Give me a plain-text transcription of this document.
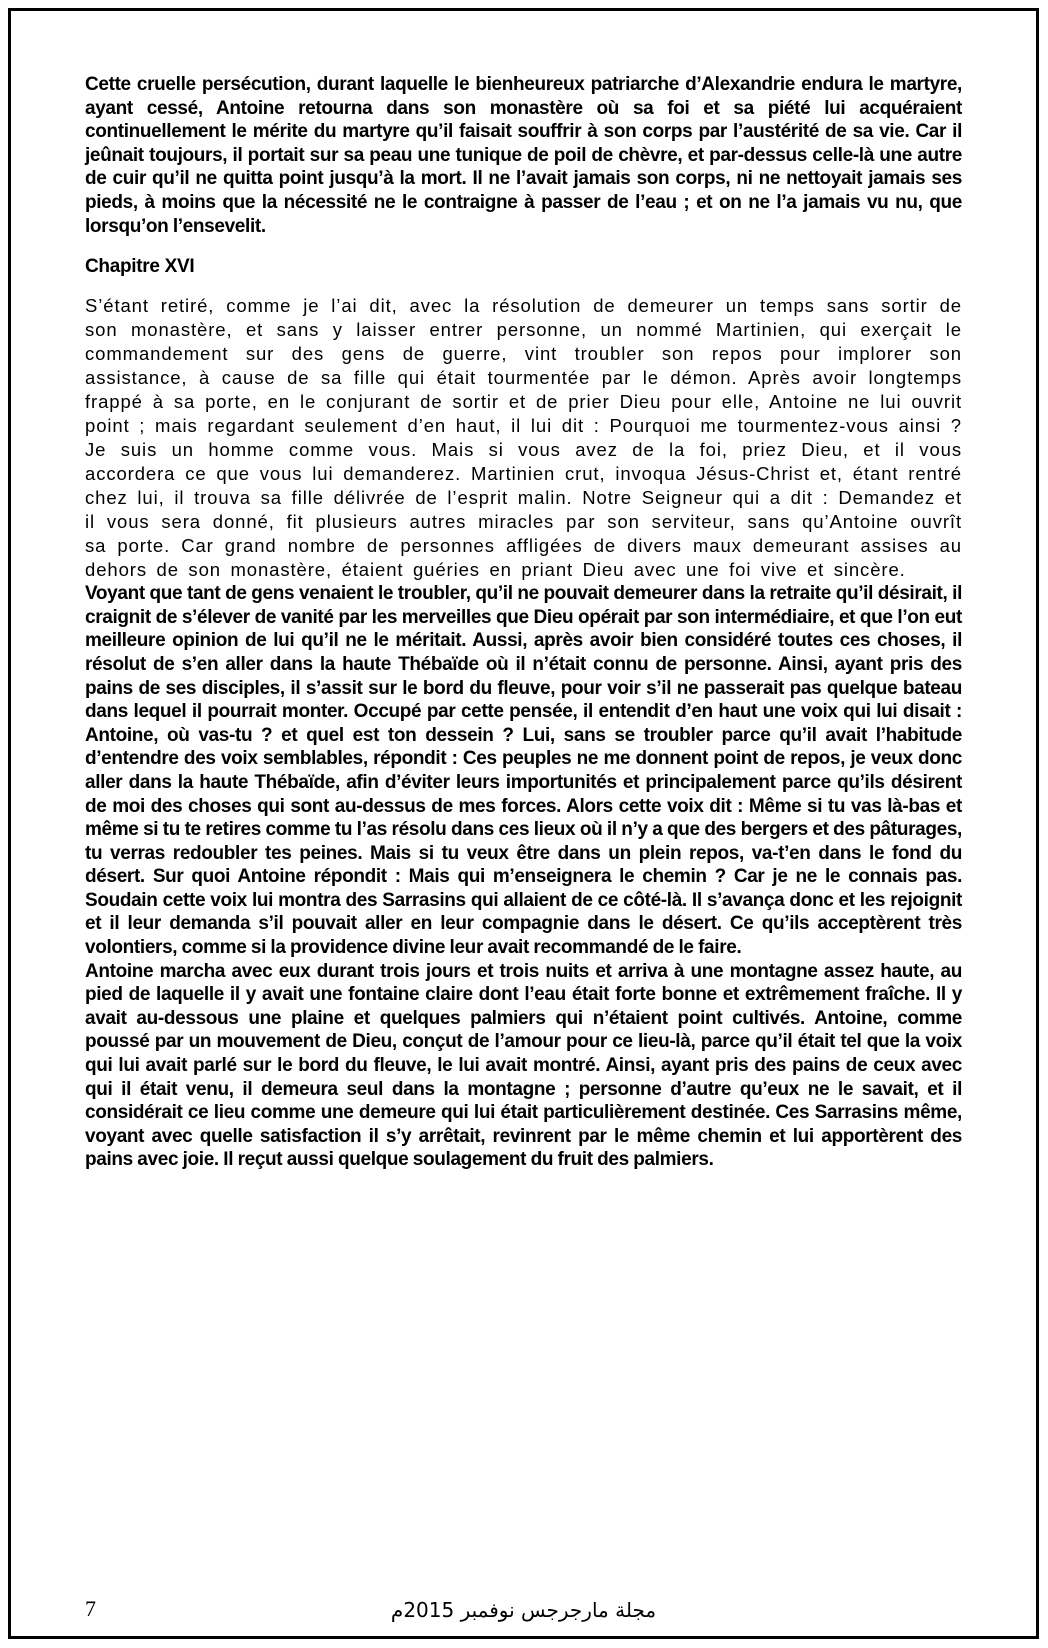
Cette cruelle persécution, durant laquelle le bienheureux patriarche d’Alexandrie endura le martyre, ayant cessé, Antoine retourna dans son monastère où sa foi et sa piété lui acquéraient continuellement le mérite du martyre qu’il faisait souffrir à son corps par l’austérité de sa vie. Car il jeûnait toujours, il portait sur sa peau une tunique de poil de chèvre, et par-dessus celle-là une autre de cuir qu’il ne quitta point jusqu’à la mort. Il ne l’avait jamais son corps, ni ne nettoyait jamais ses pieds, à moins que la nécessité ne le contraigne à passer de l’eau ; et on ne l’a jamais vu nu, que lorsqu’on l’ensevelit.

Chapitre XVI

S’étant retiré, comme je l’ai dit, avec la résolution de demeurer un temps sans sortir de son monastère, et sans y laisser entrer personne, un nommé Martinien, qui exerçait le commandement sur des gens de guerre, vint troubler son repos pour implorer son assistance, à cause de sa fille qui était tourmentée par le démon. Après avoir longtemps frappé à sa porte, en le conjurant de sortir et de prier Dieu pour elle, Antoine ne lui ouvrit point ; mais regardant seulement d’en haut, il lui dit : Pourquoi me tourmentez-vous ainsi ? Je suis un homme comme vous. Mais si vous avez de la foi, priez Dieu, et il vous accordera ce que vous lui demanderez. Martinien crut, invoqua Jésus-Christ et, étant rentré chez lui, il trouva sa fille délivrée de l’esprit malin. Notre Seigneur qui a dit : Demandez et il vous sera donné, fit plusieurs autres miracles par son serviteur, sans qu’Antoine ouvrît sa porte. Car grand nombre de personnes affligées de divers maux demeurant assises au dehors de son monastère, étaient guéries en priant Dieu avec une foi vive et sincère.

Voyant que tant de gens venaient le troubler, qu’il ne pouvait demeurer dans la retraite qu’il désirait, il craignit de s’élever de vanité par les merveilles que Dieu opérait par son intermédiaire, et que l’on eut meilleure opinion de lui qu’il ne le méritait. Aussi, après avoir bien considéré toutes ces choses, il résolut de s’en aller dans la haute Thébaïde où il n’était connu de personne. Ainsi, ayant pris des pains de ses disciples, il s’assit sur le bord du fleuve, pour voir s’il ne passerait pas quelque bateau dans lequel il pourrait monter. Occupé par cette pensée, il entendit d’en haut une voix qui lui disait : Antoine, où vas-tu ? et quel est ton dessein ? Lui, sans se troubler parce qu’il avait l’habitude d’entendre des voix semblables, répondit : Ces peuples ne me donnent point de repos, je veux donc aller dans la haute Thébaïde, afin d’éviter leurs importunités et principalement parce qu’ils désirent de moi des choses qui sont au-dessus de mes forces. Alors cette voix dit : Même si tu vas là-bas et même si tu te retires comme tu l’as résolu dans ces lieux où il n’y a que des bergers et des pâturages, tu verras redoubler tes peines. Mais si tu veux être dans un plein repos, va-t’en dans le fond du désert. Sur quoi Antoine répondit : Mais qui m’enseignera le chemin ? Car je ne le connais pas. Soudain cette voix lui montra des Sarrasins qui allaient de ce côté-là. Il s’avança donc et les rejoignit et il leur demanda s’il pouvait aller en leur compagnie dans le désert. Ce qu’ils acceptèrent très volontiers, comme si la providence divine leur avait recommandé de le faire.

Antoine marcha avec eux durant trois jours et trois nuits et arriva à une montagne assez haute, au pied de laquelle il y avait une fontaine claire dont l’eau était forte bonne et extrêmement fraîche. Il y avait au-dessous une plaine et quelques palmiers qui n’étaient point cultivés. Antoine, comme poussé par un mouvement de Dieu, conçut de l’amour pour ce lieu-là, parce qu’il était tel que la voix qui lui avait parlé sur le bord du fleuve, le lui avait montré. Ainsi, ayant pris des pains de ceux avec qui il était venu, il demeura seul dans la montagne ; personne d’autre qu’eux ne le savait, et il considérait ce lieu comme une demeure qui lui était particulièrement destinée. Ces Sarrasins même, voyant avec quelle satisfaction il s’y arrêtait, revinrent par le même chemin et lui apportèrent des pains avec joie. Il reçut aussi quelque soulagement du fruit des palmiers.

7	مجلة مارجرجس نوفمبر 2015م
